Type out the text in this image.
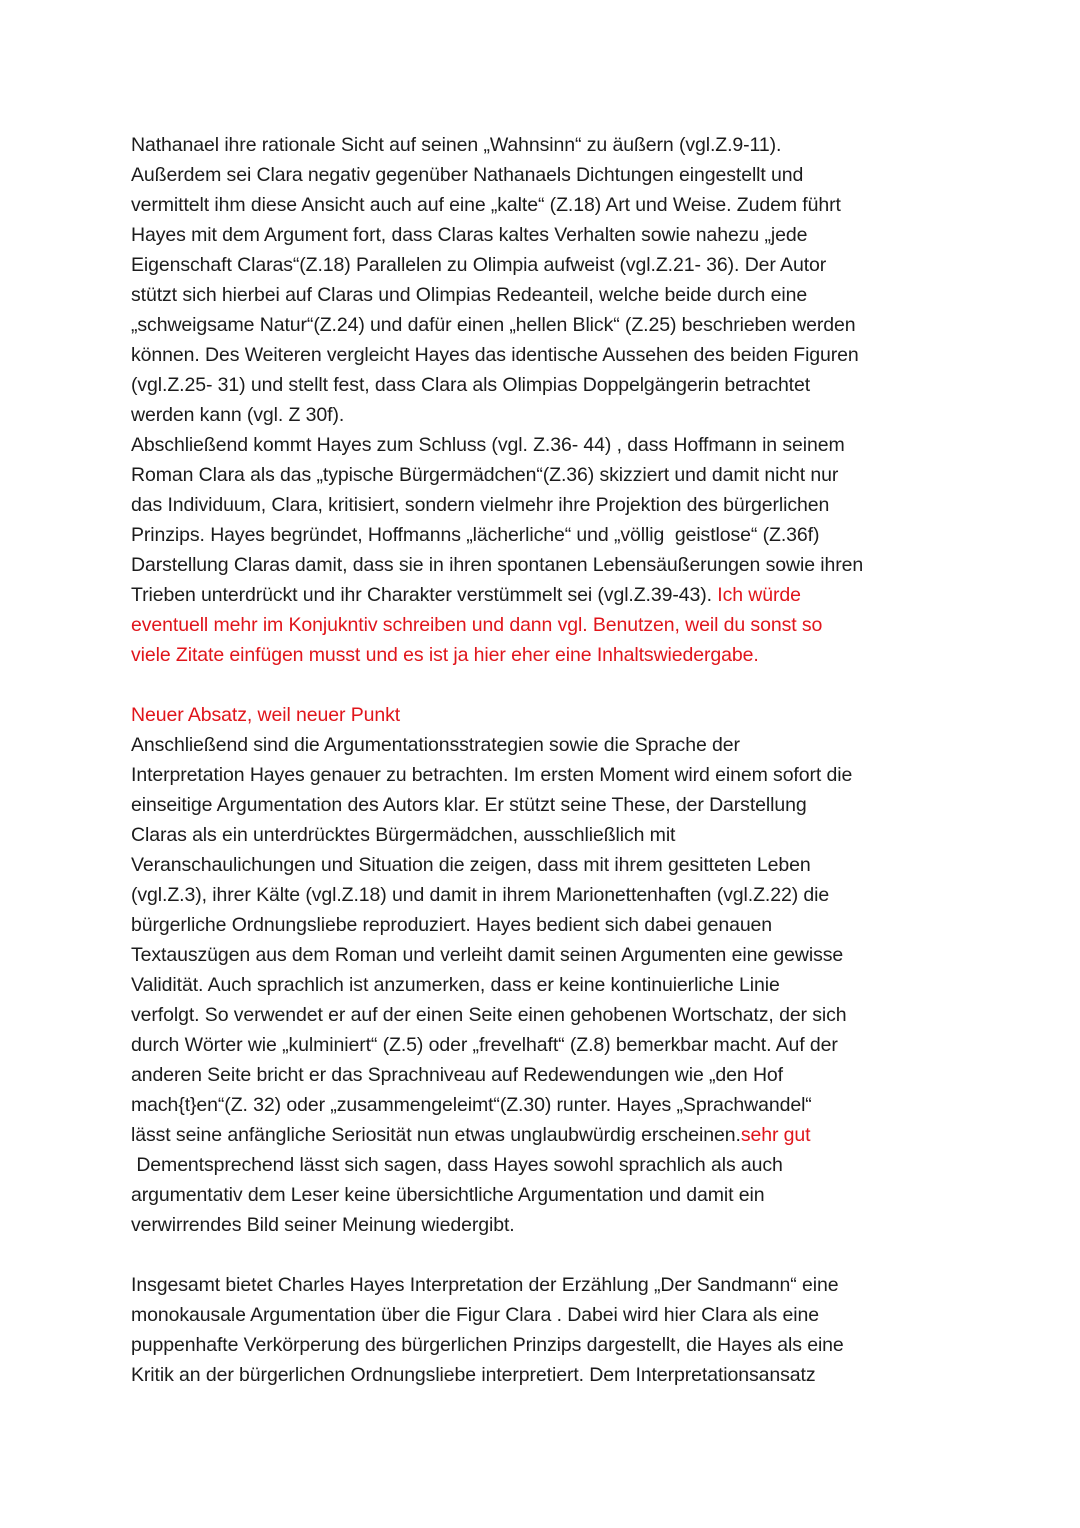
Nathanael ihre rationale Sicht auf seinen „Wahnsinn“ zu äußern (vgl.Z.9-11).
Außerdem sei Clara negativ gegenüber Nathanaels Dichtungen eingestellt und
vermittelt ihm diese Ansicht auch auf eine „kalte“ (Z.18) Art und Weise. Zudem führt
Hayes mit dem Argument fort, dass Claras kaltes Verhalten sowie nahezu „jede
Eigenschaft Claras“(Z.18) Parallelen zu Olimpia aufweist (vgl.Z.21- 36). Der Autor
stützt sich hierbei auf Claras und Olimpias Redeanteil, welche beide durch eine
„schweigsame Natur“(Z.24) und dafür einen „hellen Blick“ (Z.25) beschrieben werden
können. Des Weiteren vergleicht Hayes das identische Aussehen des beiden Figuren
(vgl.Z.25- 31) und stellt fest, dass Clara als Olimpias Doppelgängerin betrachtet
werden kann (vgl. Z 30f).
Abschließend kommt Hayes zum Schluss (vgl. Z.36- 44) , dass Hoffmann in seinem
Roman Clara als das „typische Bürgermädchen“(Z.36) skizziert und damit nicht nur
das Individuum, Clara, kritisiert, sondern vielmehr ihre Projektion des bürgerlichen
Prinzips. Hayes begründet, Hoffmanns „lächerliche“ und „völlig  geistlose“ (Z.36f)
Darstellung Claras damit, dass sie in ihren spontanen Lebensäußerungen sowie ihren
Trieben unterdrückt und ihr Charakter verstümmelt sei (vgl.Z.39-43). Ich würde
eventuell mehr im Konjukntiv schreiben und dann vgl. Benutzen, weil du sonst so
viele Zitate einfügen musst und es ist ja hier eher eine Inhaltswiedergabe.
Neuer Absatz, weil neuer Punkt
Anschließend sind die Argumentationsstrategien sowie die Sprache der
Interpretation Hayes genauer zu betrachten. Im ersten Moment wird einem sofort die
einseitige Argumentation des Autors klar. Er stützt seine These, der Darstellung
Claras als ein unterdrücktes Bürgermädchen, ausschließlich mit
Veranschaulichungen und Situation die zeigen, dass mit ihrem gesitteten Leben
(vgl.Z.3), ihrer Kälte (vgl.Z.18) und damit in ihrem Marionettenhaften (vgl.Z.22) die
bürgerliche Ordnungsliebe reproduziert. Hayes bedient sich dabei genauen
Textauszügen aus dem Roman und verleiht damit seinen Argumenten eine gewisse
Validität. Auch sprachlich ist anzumerken, dass er keine kontinuierliche Linie
verfolgt. So verwendet er auf der einen Seite einen gehobenen Wortschatz, der sich
durch Wörter wie „kulminiert“ (Z.5) oder „frevelhaft“ (Z.8) bemerkbar macht. Auf der
anderen Seite bricht er das Sprachniveau auf Redewendungen wie „den Hof
mach{t}en“(Z. 32) oder „zusammengeleimt“(Z.30) runter. Hayes „Sprachwandel“
lässt seine anfängliche Seriosität nun etwas unglaubwürdig erscheinen.sehr gut
Dementsprechend lässt sich sagen, dass Hayes sowohl sprachlich als auch
argumentativ dem Leser keine übersichtliche Argumentation und damit ein
verwirrendes Bild seiner Meinung wiedergibt.
Insgesamt bietet Charles Hayes Interpretation der Erzählung „Der Sandmann“ eine
monokausale Argumentation über die Figur Clara . Dabei wird hier Clara als eine
puppenhafte Verkörperung des bürgerlichen Prinzips dargestellt, die Hayes als eine
Kritik an der bürgerlichen Ordnungsliebe interpretiert. Dem Interpretationsansatz
